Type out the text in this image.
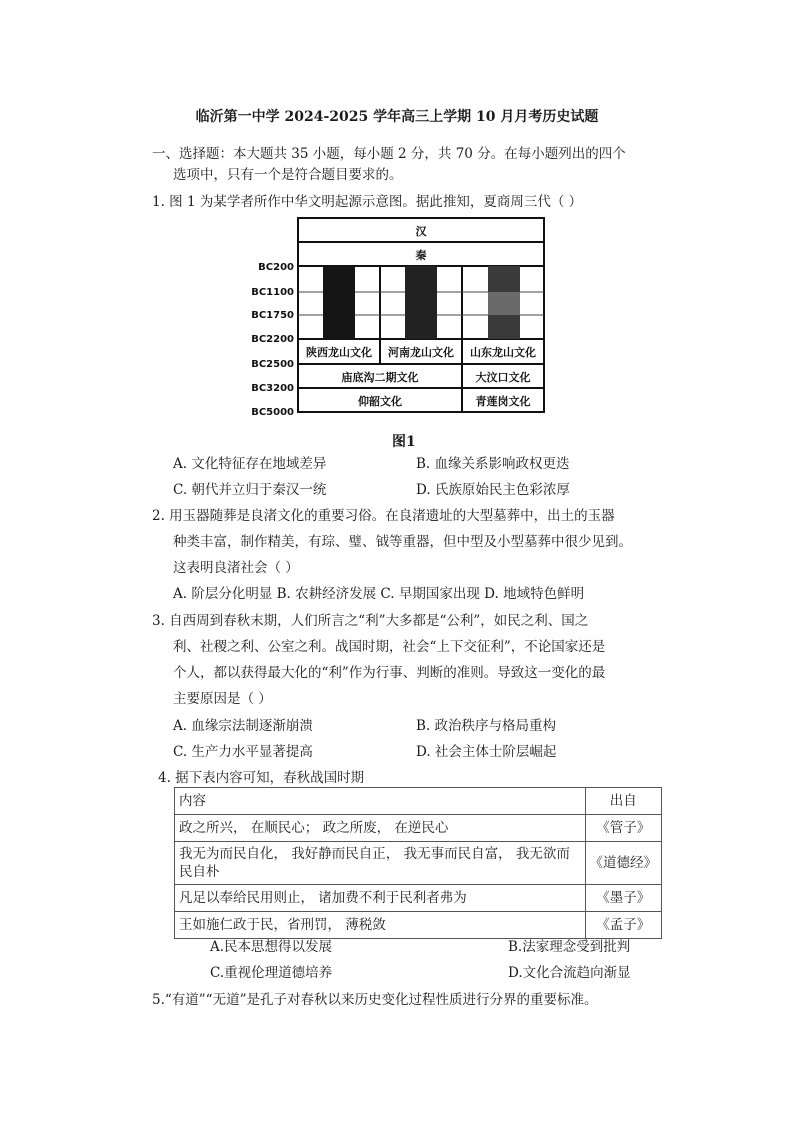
临沂第一中学 2024-2025 学年高三上学期 10 月月考历史试题
一、选择题：本大题共 35 小题，每小题 2 分，共 70 分。在每小题列出的四个
选项中，只有一个是符合题目要求的。
1. 图 1 为某学者所作中华文明起源示意图。据此推知，夏商周三代（ ）
汉
秦
陕西龙山文化 河南龙山文化 山东龙山文化
庙底沟二期文化	大汶口文化
仰韶文化	青莲岗文化
BC200
BC1100
BC1750
BC2200
BC2500
BC3200
BC5000
图1
A. 文化特征存在地域差异	B. 血缘关系影响政权更迭
C. 朝代并立归于秦汉一统	D. 氏族原始民主色彩浓厚
2. 用玉器随葬是良渚文化的重要习俗。在良渚遗址的大型墓葬中，出土的玉器
种类丰富，制作精美，有琮、璧、钺等重器，但中型及小型墓葬中很少见到。
这表明良渚社会（ ）
A. 阶层分化明显 B. 农耕经济发展 C. 早期国家出现 D. 地域特色鲜明
3. 自西周到春秋末期，人们所言之“利”大多都是“公利”，如民之利、国之
利、社稷之利、公室之利。战国时期，社会“上下交征利”，不论国家还是
个人，都以获得最大化的“利”作为行事、判断的准则。导致这一变化的最
主要原因是（ ）
A. 血缘宗法制逐渐崩溃	B. 政治秩序与格局重构
C. 生产力水平显著提高	D. 社会主体士阶层崛起
4. 据下表内容可知，春秋战国时期
内容	出自
政之所兴， 在顺民心； 政之所废， 在逆民心	《管子》
我无为而民自化， 我好静而民自正， 我无事而民自富， 我无欲而民自朴	《道德经》
凡足以奉给民用则止， 诸加费不利于民利者弗为	《墨子》
王如施仁政于民，省刑罚， 薄税敛	《孟子》
A.民本思想得以发展	B.法家理念受到批判
C.重视伦理道德培养	D.文化合流趋向渐显
5.“有道”“无道”是孔子对春秋以来历史变化过程性质进行分界的重要标准。
